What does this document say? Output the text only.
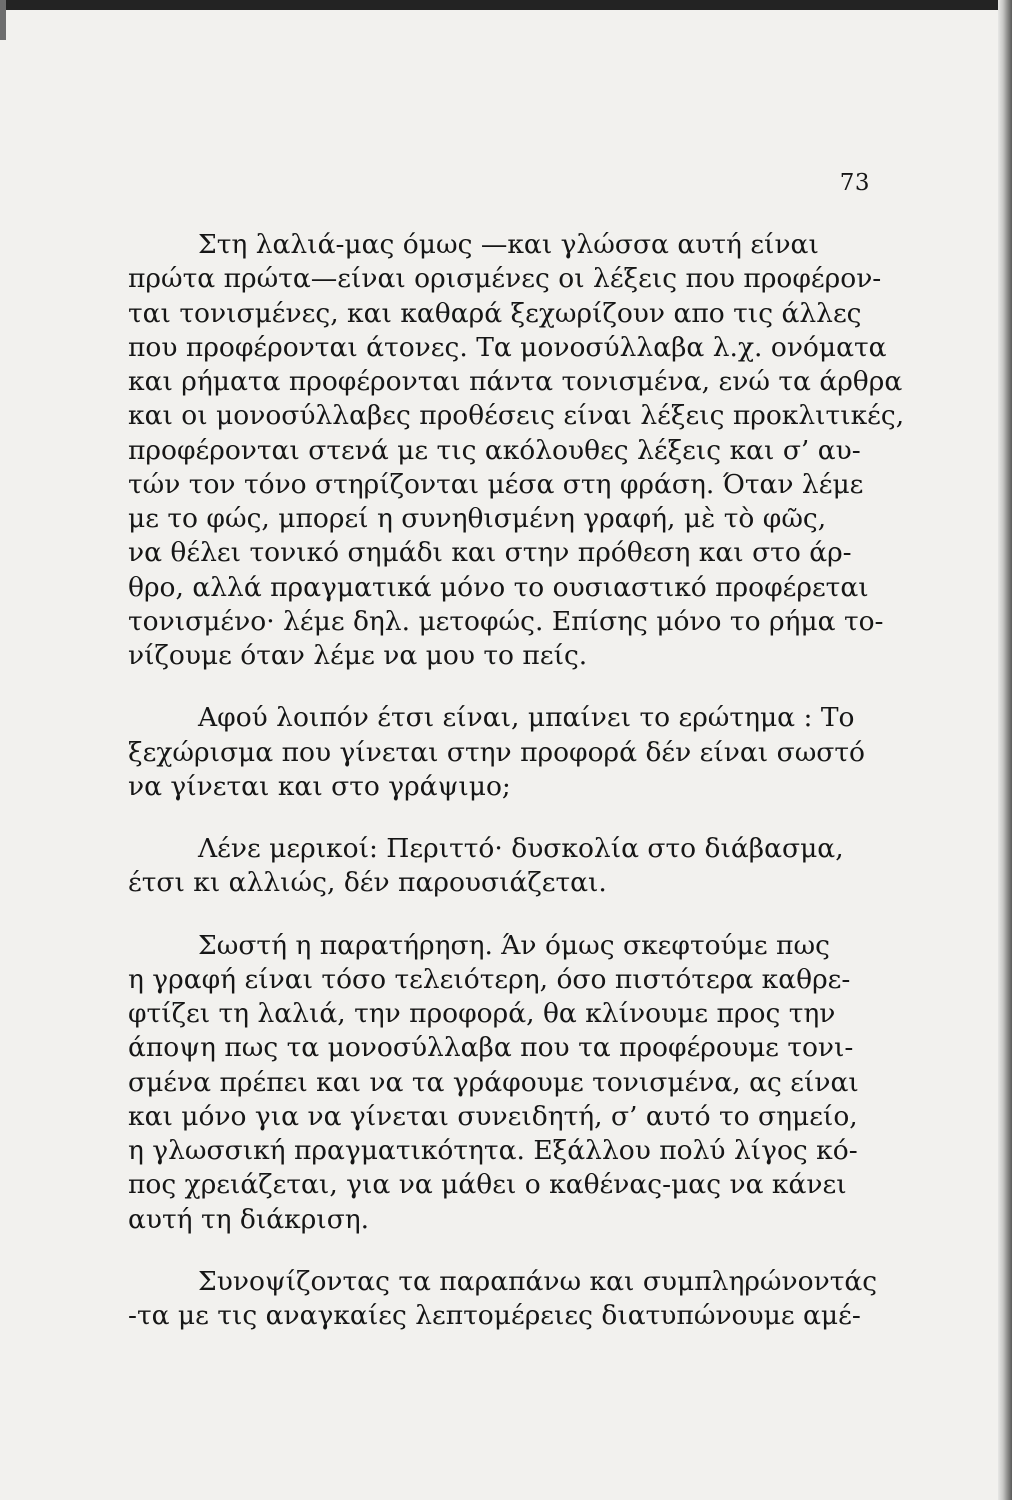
73
Στη λαλιά-μας όμως —και γλώσσα αυτή είναι
πρώτα πρώτα—είναι ορισμένες οι λέξεις που προφέρον-
ται τονισμένες, και καθαρά ξεχωρίζουν απο τις άλλες
που προφέρονται άτονες. Τα μονοσύλλαβα λ.χ. ονόματα
και ρήματα προφέρονται πάντα τονισμένα, ενώ τα άρθρα
και οι μονοσύλλαβες προθέσεις είναι λέξεις προκλιτικές,
προφέρονται στενά με τις ακόλουθες λέξεις και σ’ αυ-
τών τον τόνο στηρίζονται μέσα στη φράση. Όταν λέμε
με το φώς, μπορεί η συνηθισμένη γραφή, μὲ τὸ φῶς,
να θέλει τονικό σημάδι και στην πρόθεση και στο άρ-
θρο, αλλά πραγματικά μόνο το ουσιαστικό προφέρεται
τονισμένο· λέμε δηλ. μετοφώς. Επίσης μόνο το ρήμα το-
νίζουμε όταν λέμε να μου το πείς.
Αφού λοιπόν έτσι είναι, μπαίνει το ερώτημα : Το
ξεχώρισμα που γίνεται στην προφορά δέν είναι σωστό
να γίνεται και στο γράψιμο;
Λένε μερικοί: Περιττό· δυσκολία στο διάβασμα,
έτσι κι αλλιώς, δέν παρουσιάζεται.
Σωστή η παρατήρηση. Άν όμως σκεφτούμε πως
η γραφή είναι τόσο τελειότερη, όσο πιστότερα καθρε-
φτίζει τη λαλιά, την προφορά, θα κλίνουμε προς την
άποψη πως τα μονοσύλλαβα που τα προφέρουμε τονι-
σμένα πρέπει και να τα γράφουμε τονισμένα, ας είναι
και μόνο για να γίνεται συνειδητή, σ’ αυτό το σημείο,
η γλωσσική πραγματικότητα. Εξάλλου πολύ λίγος κό-
πος χρειάζεται, για να μάθει ο καθένας-μας να κάνει
αυτή τη διάκριση.
Συνοψίζοντας τα παραπάνω και συμπληρώνοντάς
-τα με τις αναγκαίες λεπτομέρειες διατυπώνουμε αμέ-
